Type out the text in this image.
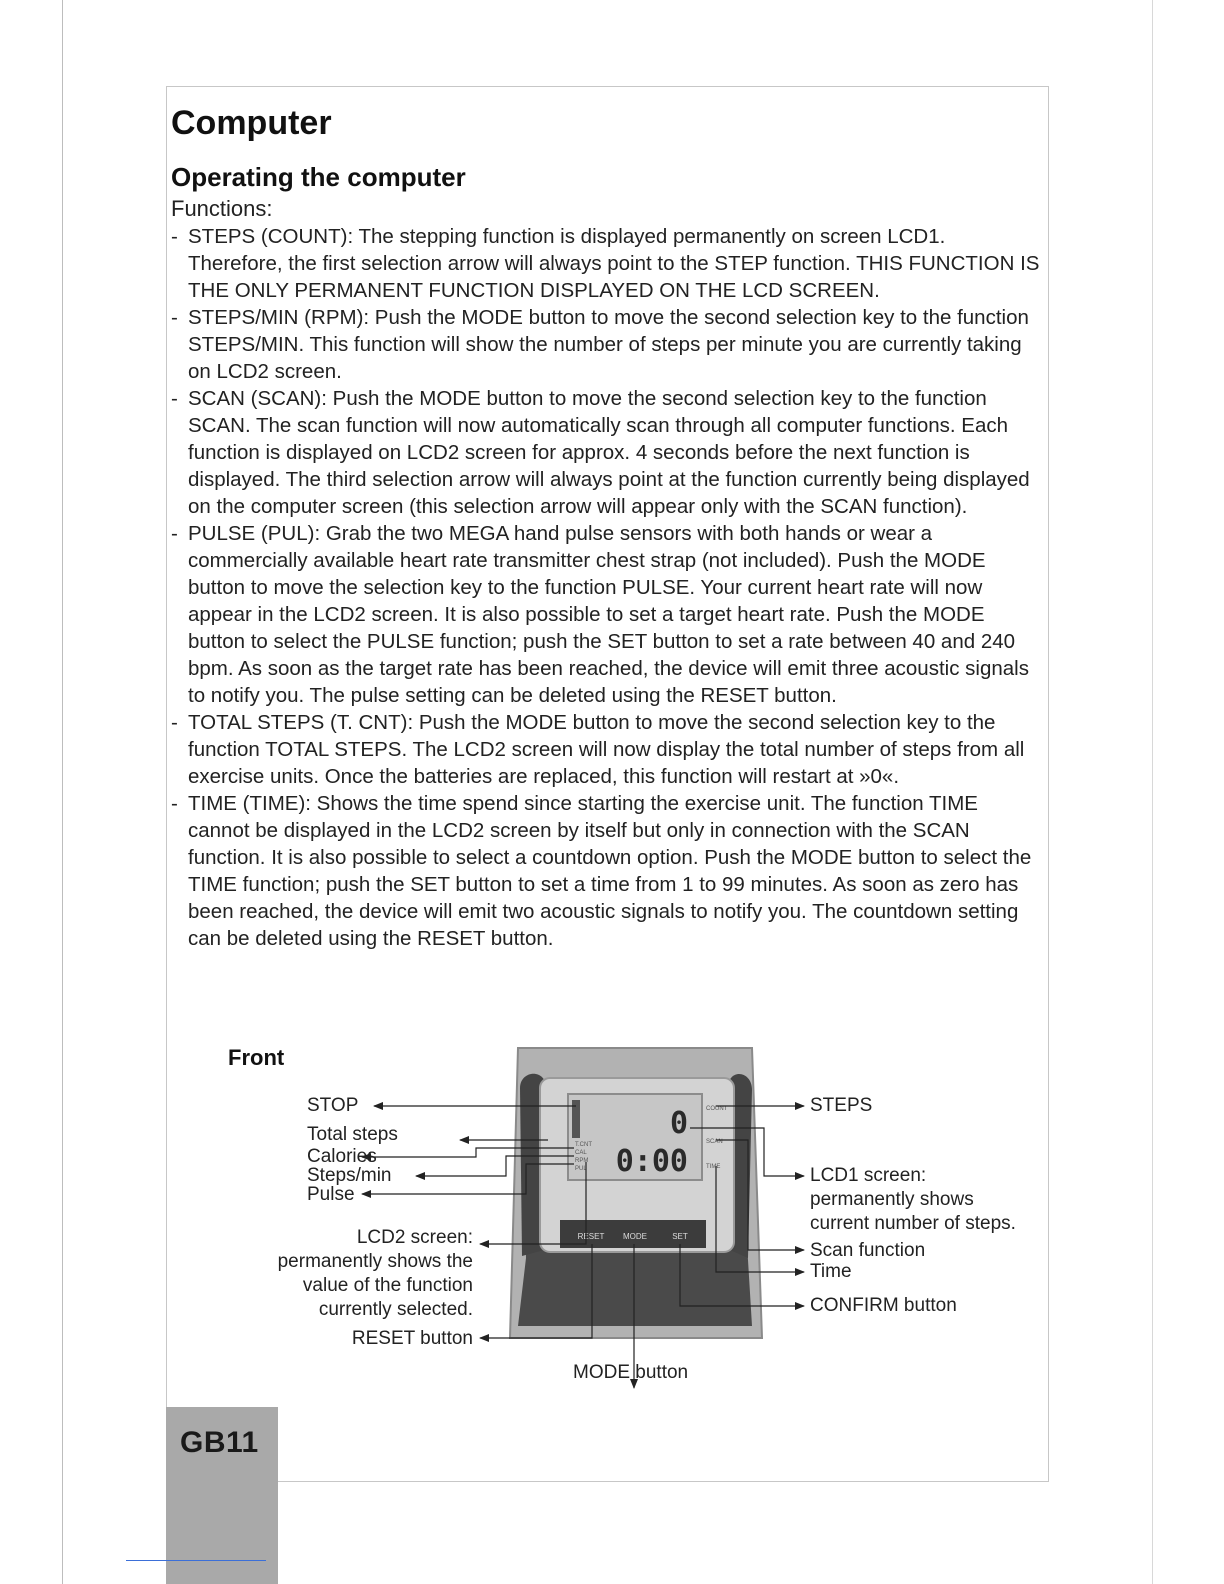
Computer
Operating the computer
Functions:
- STEPS (COUNT): The stepping function is displayed permanently on screen LCD1. Therefore, the first selection arrow will always point to the STEP function. THIS FUNCTION IS THE ONLY PERMANENT FUNCTION DISPLAYED ON THE LCD SCREEN.
- STEPS/MIN (RPM): Push the MODE button to move the second selection key to the function STEPS/MIN. This function will show the number of steps per minute you are currently taking on LCD2 screen.
- SCAN (SCAN): Push the MODE button to move the second selection key to the function SCAN. The scan function will now automatically scan through all computer functions. Each function is displayed on LCD2 screen for approx. 4 seconds before the next function is displayed. The third selection arrow will always point at the function currently being displayed on the computer screen (this selection arrow will appear only with the SCAN function).
- PULSE (PUL): Grab the two MEGA hand pulse sensors with both hands or wear a commercially available heart rate transmitter chest strap (not included). Push the MODE button to move the selection key to the function PULSE. Your current heart rate will now appear in the LCD2 screen. It is also possible to set a target heart rate. Push the MODE button to select the PULSE function; push the SET button to set a rate between 40 and 240 bpm. As soon as the target rate has been reached, the device will emit three acoustic signals to notify you. The pulse setting can be deleted using the RESET button.
- TOTAL STEPS (T. CNT): Push the MODE button to move the second selection key to the function TOTAL STEPS. The LCD2 screen will now display the total number of steps from all exercise units. Once the batteries are replaced, this function will restart at »0«.
- TIME (TIME): Shows the time spend since starting the exercise unit. The function TIME cannot be displayed in the LCD2 screen by itself but only in connection with the SCAN function. It is also possible to select a countdown option. Push the MODE button to select the TIME function; push the SET button to set a time from 1 to 99 minutes. As soon as zero has been reached, the device will emit two acoustic signals to notify you. The countdown setting can be deleted using the RESET button.
Front
0
0:00
T.CNT
CAL
RPM
PUL
COUNT
SCAN
TIME
RESET MODE	SET
STOP
Total steps
Calories
Steps/min
Pulse
LCD2 screen:
permanently shows the
value of the function
currently selected.
RESET button
STEPS
LCD1 screen:
permanently shows
current number of steps.
Scan function
Time
CONFIRM button
MODE button
GB11
